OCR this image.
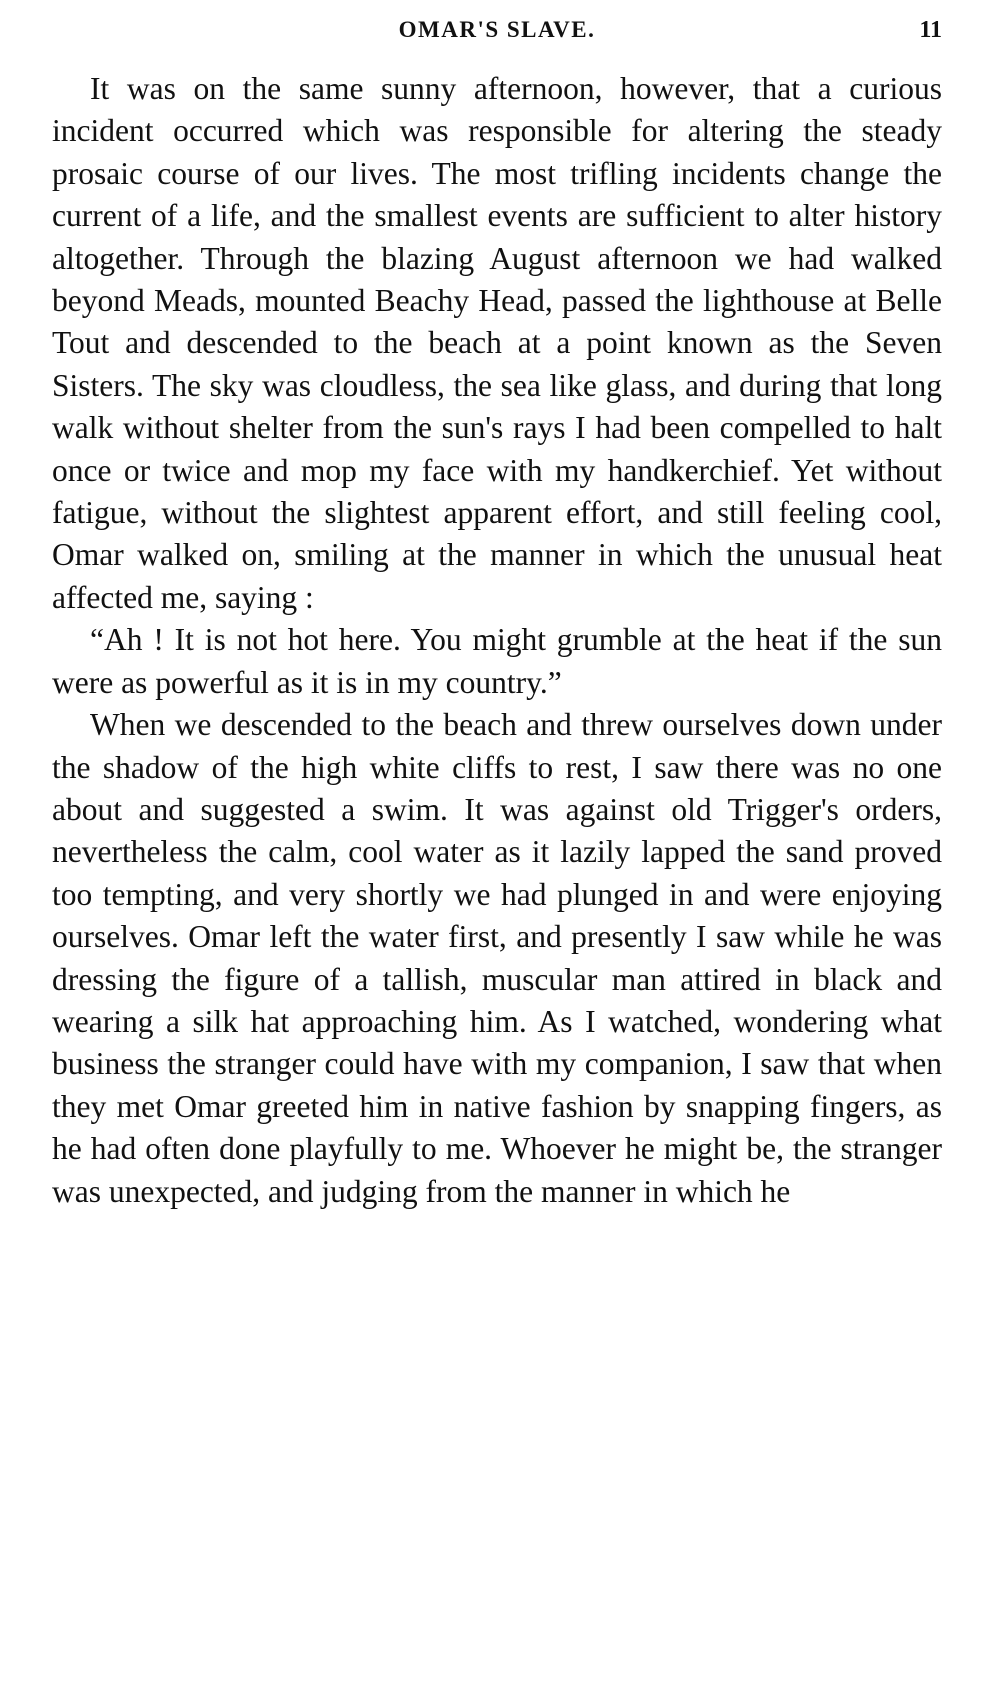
OMAR'S SLAVE.	11

It was on the same sunny afternoon, however, that a curious incident occurred which was responsible for altering the steady prosaic course of our lives. The most trifling incidents change the current of a life, and the smallest events are sufficient to alter history altogether. Through the blazing August afternoon we had walked beyond Meads, mounted Beachy Head, passed the lighthouse at Belle Tout and descended to the beach at a point known as the Seven Sisters. The sky was cloudless, the sea like glass, and during that long walk without shelter from the sun's rays I had been compelled to halt once or twice and mop my face with my handkerchief. Yet without fatigue, without the slightest apparent effort, and still feeling cool, Omar walked on, smiling at the manner in which the unusual heat affected me, saying :

“Ah ! It is not hot here. You might grumble at the heat if the sun were as powerful as it is in my country.”

When we descended to the beach and threw ourselves down under the shadow of the high white cliffs to rest, I saw there was no one about and suggested a swim. It was against old Trigger's orders, nevertheless the calm, cool water as it lazily lapped the sand proved too tempting, and very shortly we had plunged in and were enjoying ourselves. Omar left the water first, and presently I saw while he was dressing the figure of a tallish, muscular man attired in black and wearing a silk hat approaching him. As I watched, wondering what business the stranger could have with my companion, I saw that when they met Omar greeted him in native fashion by snapping fingers, as he had often done playfully to me. Whoever he might be, the stranger was unexpected, and judging from the manner in which he
